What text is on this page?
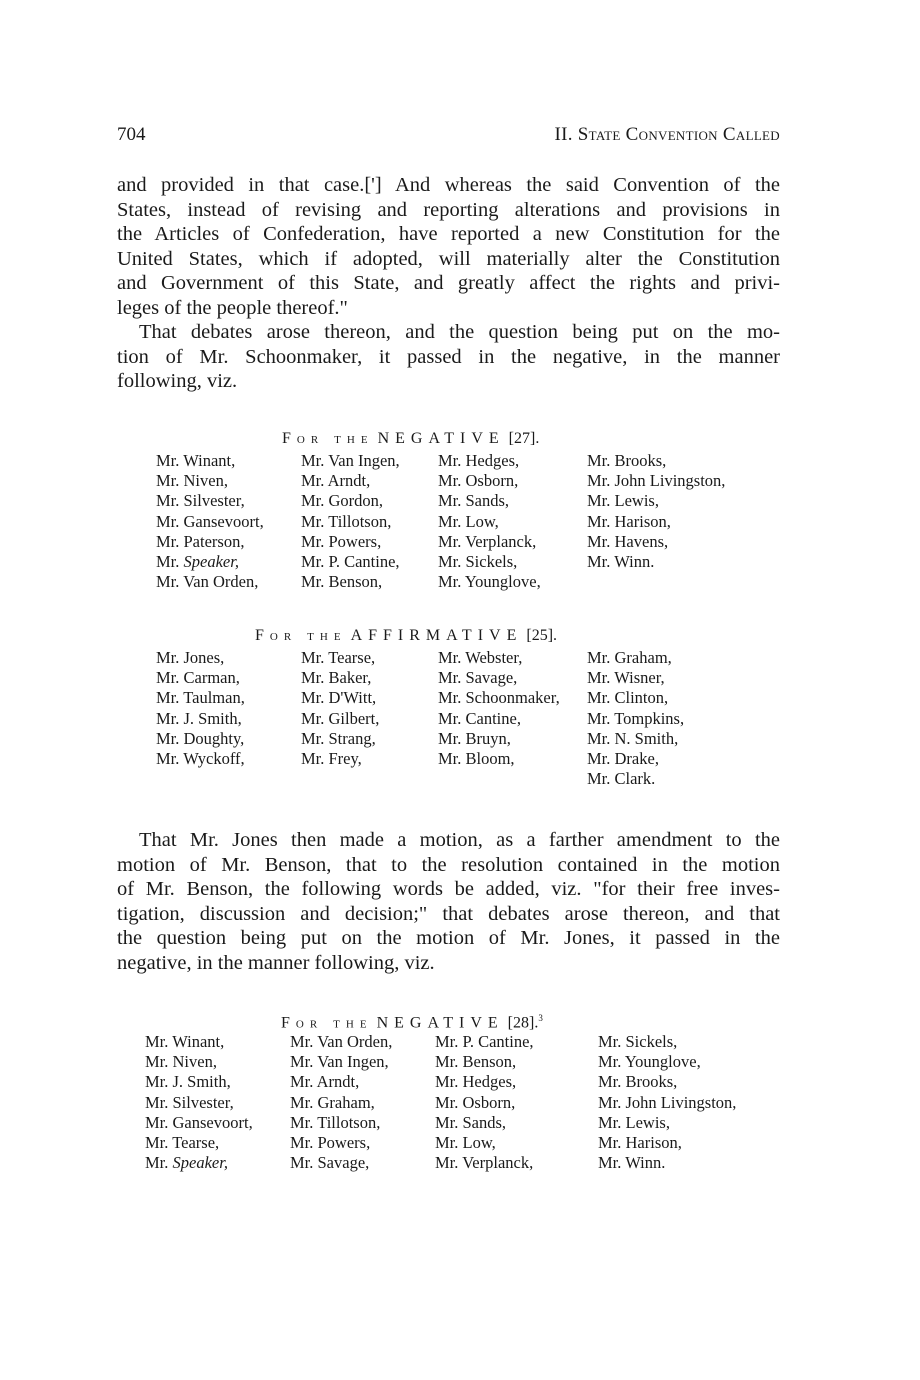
704	II. State Convention Called

and provided in that case.['] And whereas the said Convention of the
States, instead of revising and reporting alterations and provisions in
the Articles of Confederation, have reported a new Constitution for the
United States, which if adopted, will materially alter the Constitution
and Government of this State, and greatly affect the rights and privi-
leges of the people thereof."

That debates arose thereon, and the question being put on the mo-
tion of Mr. Schoonmaker, it passed in the negative, in the manner
following, viz.

For the NEGATIVE [27].
Mr. Winant,
Mr. Niven,
Mr. Silvester,
Mr. Gansevoort,
Mr. Paterson,
Mr. Speaker,
Mr. Van Orden,
Mr. Van Ingen,
Mr. Arndt,
Mr. Gordon,
Mr. Tillotson,
Mr. Powers,
Mr. P. Cantine,
Mr. Benson,
Mr. Hedges,
Mr. Osborn,
Mr. Sands,
Mr. Low,
Mr. Verplanck,
Mr. Sickels,
Mr. Younglove,
Mr. Brooks,
Mr. John Livingston,
Mr. Lewis,
Mr. Harison,
Mr. Havens,
Mr. Winn.
For the AFFIRMATIVE [25].
Mr. Jones,
Mr. Carman,
Mr. Taulman,
Mr. J. Smith,
Mr. Doughty,
Mr. Wyckoff,
Mr. Tearse,
Mr. Baker,
Mr. D'Witt,
Mr. Gilbert,
Mr. Strang,
Mr. Frey,
Mr. Webster,
Mr. Savage,
Mr. Schoonmaker,
Mr. Cantine,
Mr. Bruyn,
Mr. Bloom,
Mr. Graham,
Mr. Wisner,
Mr. Clinton,
Mr. Tompkins,
Mr. N. Smith,
Mr. Drake,
Mr. Clark.

That Mr. Jones then made a motion, as a farther amendment to the
motion of Mr. Benson, that to the resolution contained in the motion
of Mr. Benson, the following words be added, viz. "for their free inves-
tigation, discussion and decision;" that debates arose thereon, and that
the question being put on the motion of Mr. Jones, it passed in the
negative, in the manner following, viz.

For the NEGATIVE [28].$^3$
Mr. Winant,
Mr. Niven,
Mr. J. Smith,
Mr. Silvester,
Mr. Gansevoort,
Mr. Tearse,
Mr. Speaker,
Mr. Van Orden,
Mr. Van Ingen,
Mr. Arndt,
Mr. Graham,
Mr. Tillotson,
Mr. Powers,
Mr. Savage,
Mr. P. Cantine,
Mr. Benson,
Mr. Hedges,
Mr. Osborn,
Mr. Sands,
Mr. Low,
Mr. Verplanck,
Mr. Sickels,
Mr. Younglove,
Mr. Brooks,
Mr. John Livingston,
Mr. Lewis,
Mr. Harison,
Mr. Winn.
